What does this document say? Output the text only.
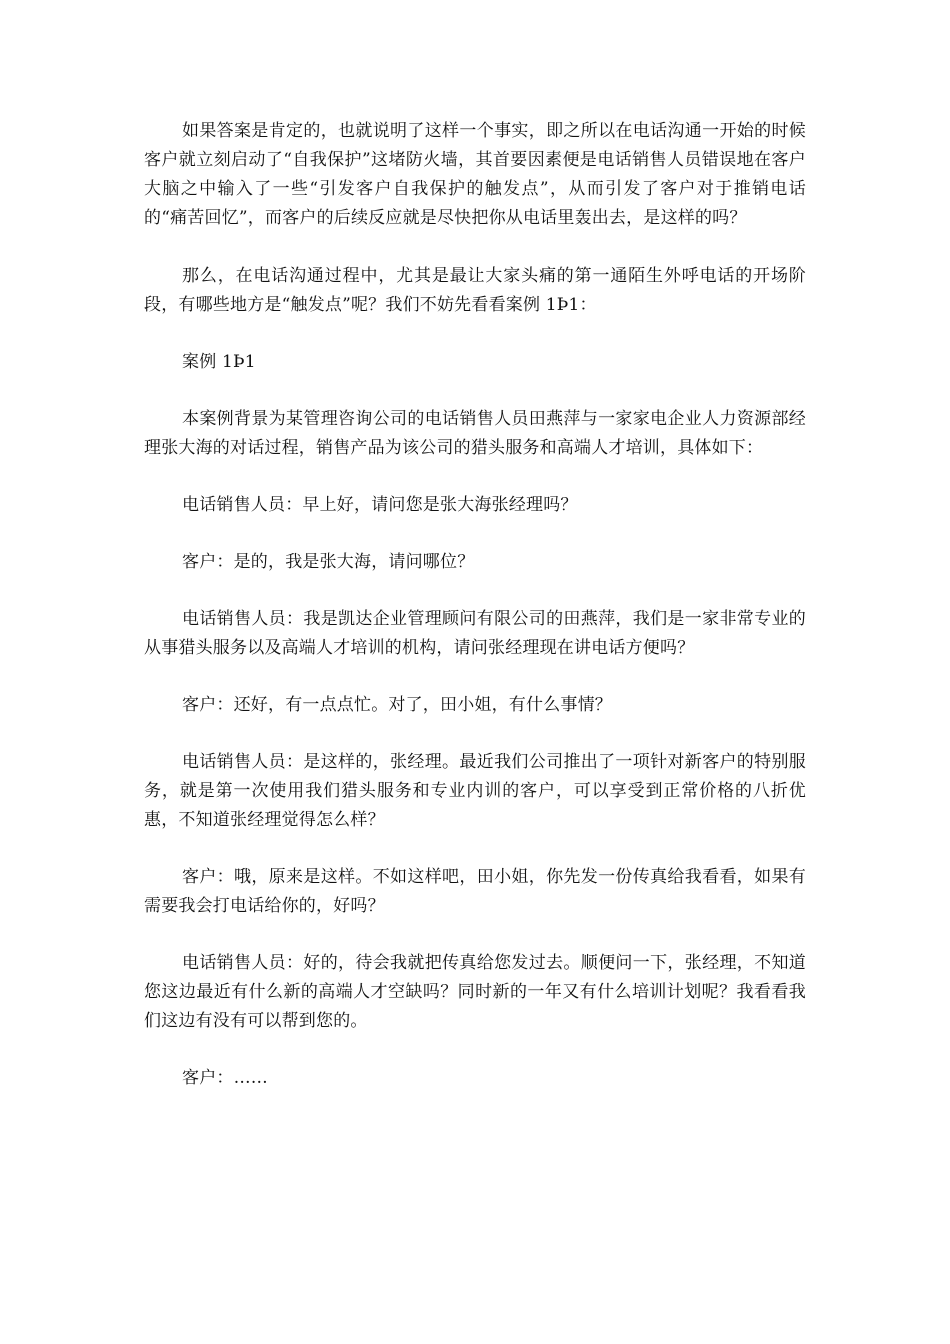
如果答案是肯定的，也就说明了这样一个事实，即之所以在电话沟通一开始的时候客户就立刻启动了“自我保护”这堵防火墙，其首要因素便是电话销售人员错误地在客户大脑之中输入了一些“引发客户自我保护的触发点”，从而引发了客户对于推销电话的“痛苦回忆”，而客户的后续反应就是尽快把你从电话里轰出去，是这样的吗？

那么，在电话沟通过程中，尤其是最让大家头痛的第一通陌生外呼电话的开场阶段，有哪些地方是“触发点”呢？我们不妨先看看案例 1Þ1：

案例 1Þ1

本案例背景为某管理咨询公司的电话销售人员田燕萍与一家家电企业人力资源部经理张大海的对话过程，销售产品为该公司的猎头服务和高端人才培训，具体如下：

电话销售人员：早上好，请问您是张大海张经理吗？

客户：是的，我是张大海，请问哪位？

电话销售人员：我是凯达企业管理顾问有限公司的田燕萍，我们是一家非常专业的从事猎头服务以及高端人才培训的机构，请问张经理现在讲电话方便吗？

客户：还好，有一点点忙。对了，田小姐，有什么事情？

电话销售人员：是这样的，张经理。最近我们公司推出了一项针对新客户的特别服务，就是第一次使用我们猎头服务和专业内训的客户，可以享受到正常价格的八折优惠，不知道张经理觉得怎么样？

客户：哦，原来是这样。不如这样吧，田小姐，你先发一份传真给我看看，如果有需要我会打电话给你的，好吗？

电话销售人员：好的，待会我就把传真给您发过去。顺便问一下，张经理，不知道您这边最近有什么新的高端人才空缺吗？同时新的一年又有什么培训计划呢？我看看我们这边有没有可以帮到您的。

客户：……
